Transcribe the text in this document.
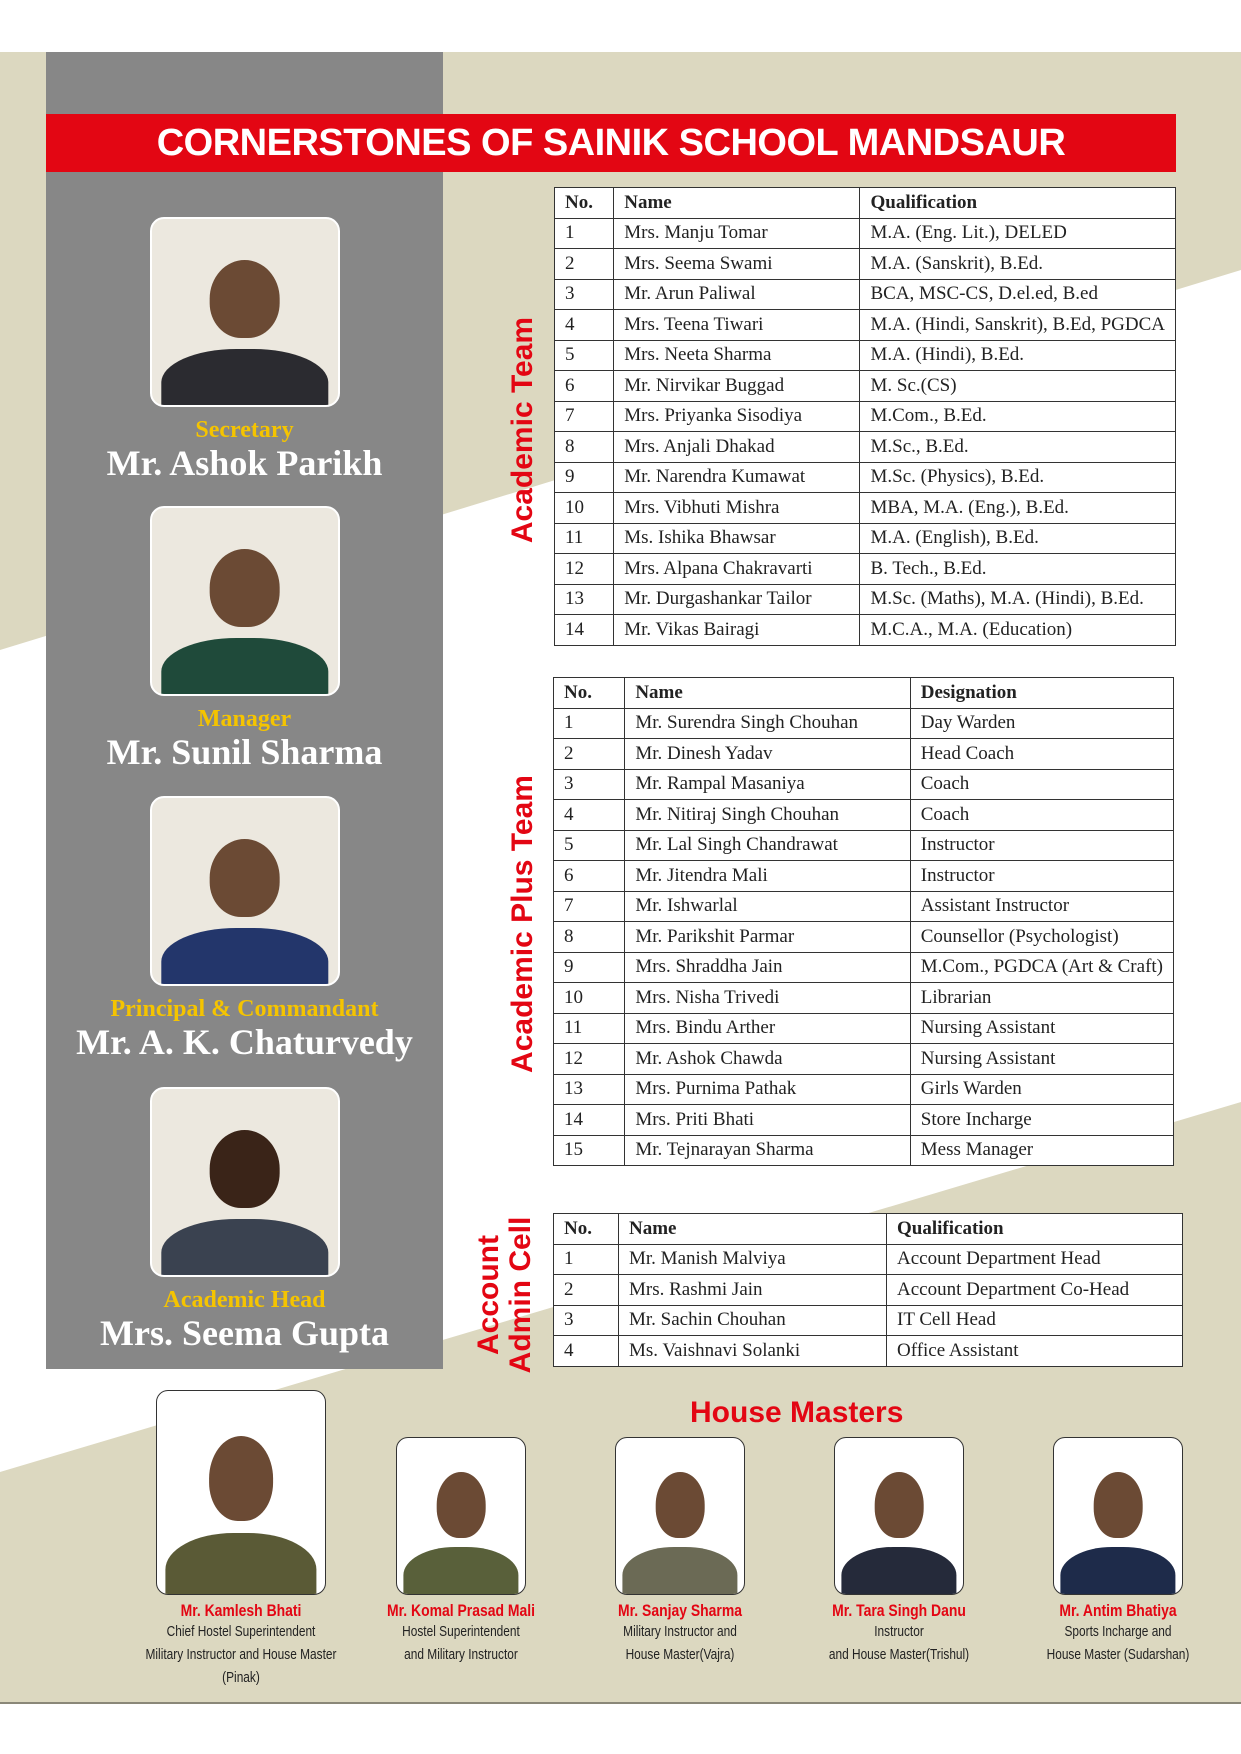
CORNERSTONES OF SAINIK SCHOOL MANDSAUR
Secretary
Mr. Ashok Parikh
Manager
Mr. Sunil Sharma
Principal & Commandant
Mr. A. K. Chaturvedy
Academic Head
Mrs. Seema Gupta
Academic Team
Academic Plus Team
Account Admin Cell
No.	Name	Qualification
1	Mrs. Manju Tomar	M.A. (Eng. Lit.), DELED
2	Mrs. Seema Swami	M.A. (Sanskrit), B.Ed.
3	Mr. Arun Paliwal	BCA, MSC-CS, D.el.ed, B.ed
4	Mrs. Teena Tiwari	M.A. (Hindi, Sanskrit), B.Ed, PGDCA
5	Mrs. Neeta Sharma	M.A. (Hindi), B.Ed.
6	Mr. Nirvikar Buggad	M. Sc.(CS)
7	Mrs. Priyanka Sisodiya	M.Com., B.Ed.
8	Mrs. Anjali Dhakad	M.Sc., B.Ed.
9	Mr. Narendra Kumawat	M.Sc. (Physics), B.Ed.
10	Mrs. Vibhuti Mishra	MBA, M.A. (Eng.), B.Ed.
11	Ms. Ishika Bhawsar	M.A. (English), B.Ed.
12	Mrs. Alpana Chakravarti	B. Tech., B.Ed.
13	Mr. Durgashankar Tailor	M.Sc. (Maths), M.A. (Hindi), B.Ed.
14	Mr. Vikas Bairagi	M.C.A., M.A. (Education)
No.	Name	Designation
1	Mr. Surendra Singh Chouhan	Day Warden
2	Mr. Dinesh Yadav	Head Coach
3	Mr. Rampal Masaniya	Coach
4	Mr. Nitiraj Singh Chouhan	Coach
5	Mr. Lal Singh Chandrawat	Instructor
6	Mr. Jitendra Mali	Instructor
7	Mr. Ishwarlal	Assistant Instructor
8	Mr. Parikshit Parmar	Counsellor (Psychologist)
9	Mrs. Shraddha Jain	M.Com., PGDCA (Art & Craft)
10	Mrs. Nisha Trivedi	Librarian
11	Mrs. Bindu Arther	Nursing Assistant
12	Mr. Ashok Chawda	Nursing Assistant
13	Mrs. Purnima Pathak	Girls Warden
14	Mrs. Priti Bhati	Store Incharge
15	Mr. Tejnarayan Sharma	Mess Manager
No.	Name	Qualification
1	Mr. Manish Malviya	Account Department Head
2	Mrs. Rashmi Jain	Account Department Co-Head
3	Mr. Sachin Chouhan	IT Cell Head
4	Ms. Vaishnavi Solanki	Office Assistant
House Masters
Mr. Kamlesh Bhati
Chief Hostel Superintendent
Military Instructor and House Master (Pinak)
Mr. Komal Prasad Mali
Hostel Superintendent
and Military Instructor
Mr. Sanjay Sharma
Military Instructor and
House Master(Vajra)
Mr. Tara Singh Danu
Instructor
and House Master(Trishul)
Mr. Antim Bhatiya
Sports Incharge and
House Master (Sudarshan)
